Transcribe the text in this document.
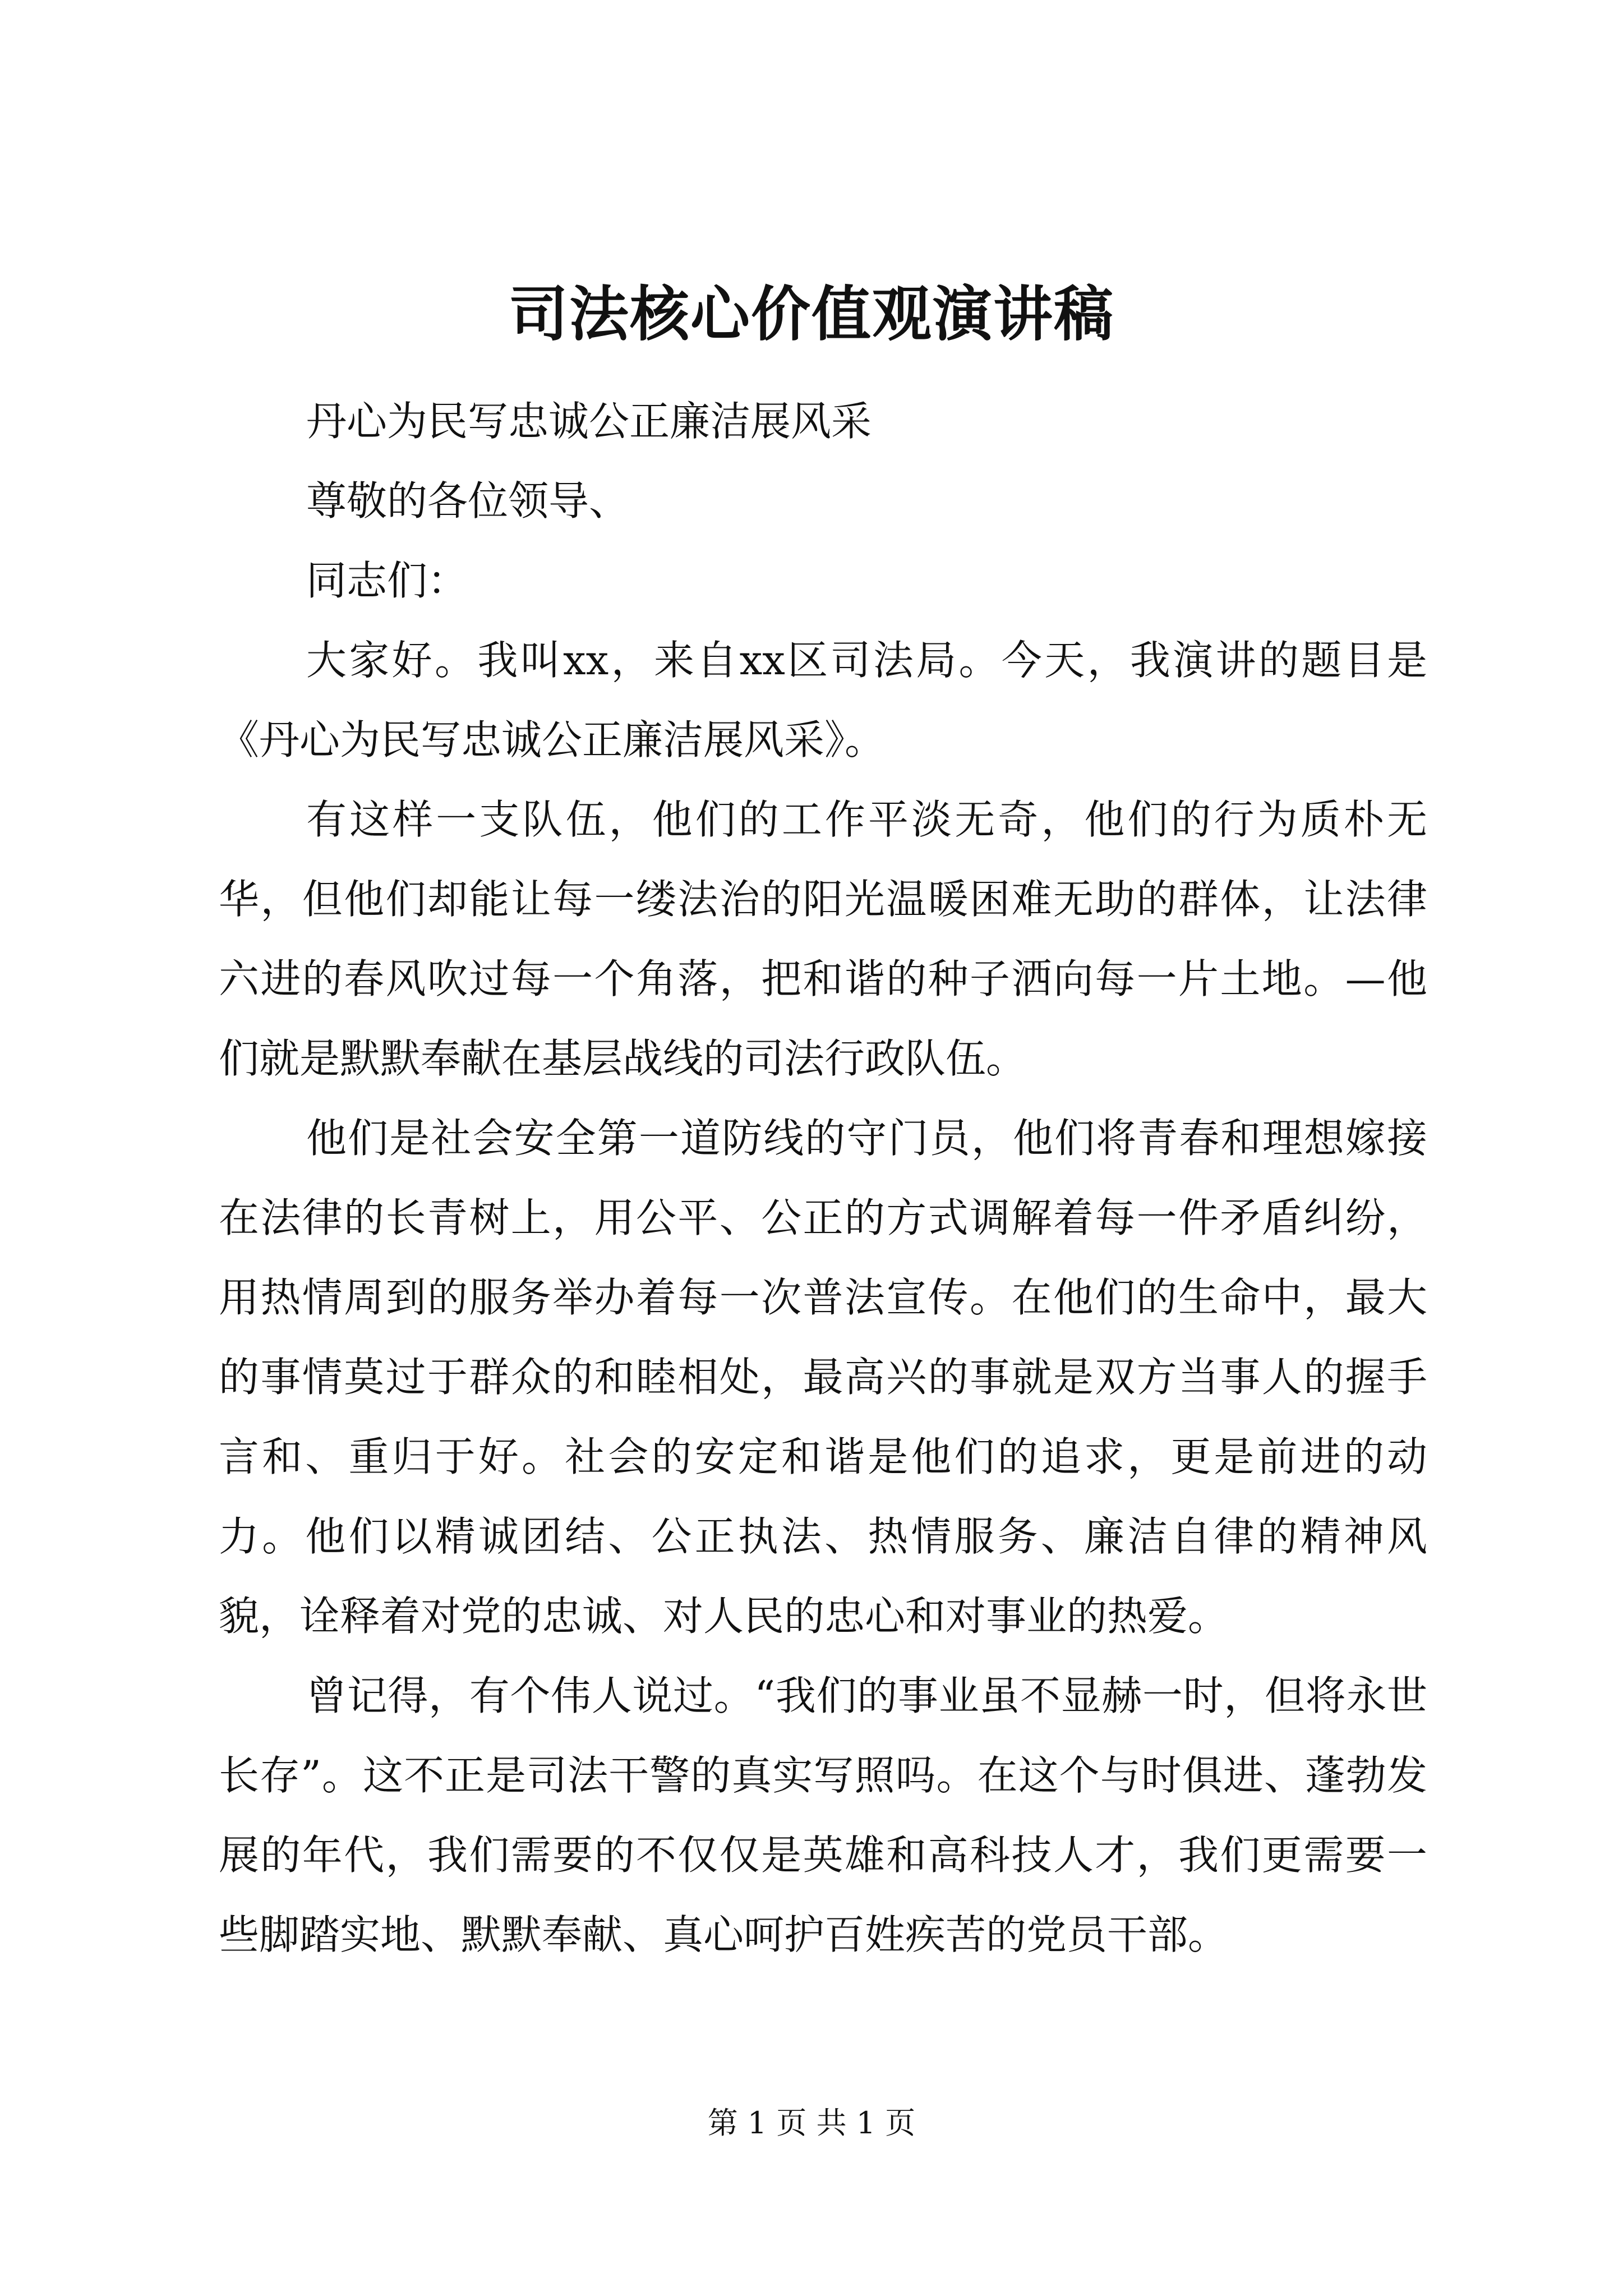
司法核心价值观演讲稿

丹心为民写忠诚公正廉洁展风采

尊敬的各位领导、

同志们：

大家好。我叫xx，来自xx区司法局。今天，我演讲的题目是《丹心为民写忠诚公正廉洁展风采》。

有这样一支队伍，他们的工作平淡无奇，他们的行为质朴无华，但他们却能让每一缕法治的阳光温暖困难无助的群体，让法律六进的春风吹过每一个角落，把和谐的种子洒向每一片土地。—他们就是默默奉献在基层战线的司法行政队伍。

他们是社会安全第一道防线的守门员，他们将青春和理想嫁接在法律的长青树上，用公平、公正的方式调解着每一件矛盾纠纷，用热情周到的服务举办着每一次普法宣传。在他们的生命中，最大的事情莫过于群众的和睦相处，最高兴的事就是双方当事人的握手言和、重归于好。社会的安定和谐是他们的追求，更是前进的动力。他们以精诚团结、公正执法、热情服务、廉洁自律的精神风貌，诠释着对党的忠诚、对人民的忠心和对事业的热爱。

曾记得，有个伟人说过。“我们的事业虽不显赫一时，但将永世长存”。这不正是司法干警的真实写照吗。在这个与时俱进、蓬勃发展的年代，我们需要的不仅仅是英雄和高科技人才，我们更需要一些脚踏实地、默默奉献、真心呵护百姓疾苦的党员干部。

第 1 页 共 1 页
